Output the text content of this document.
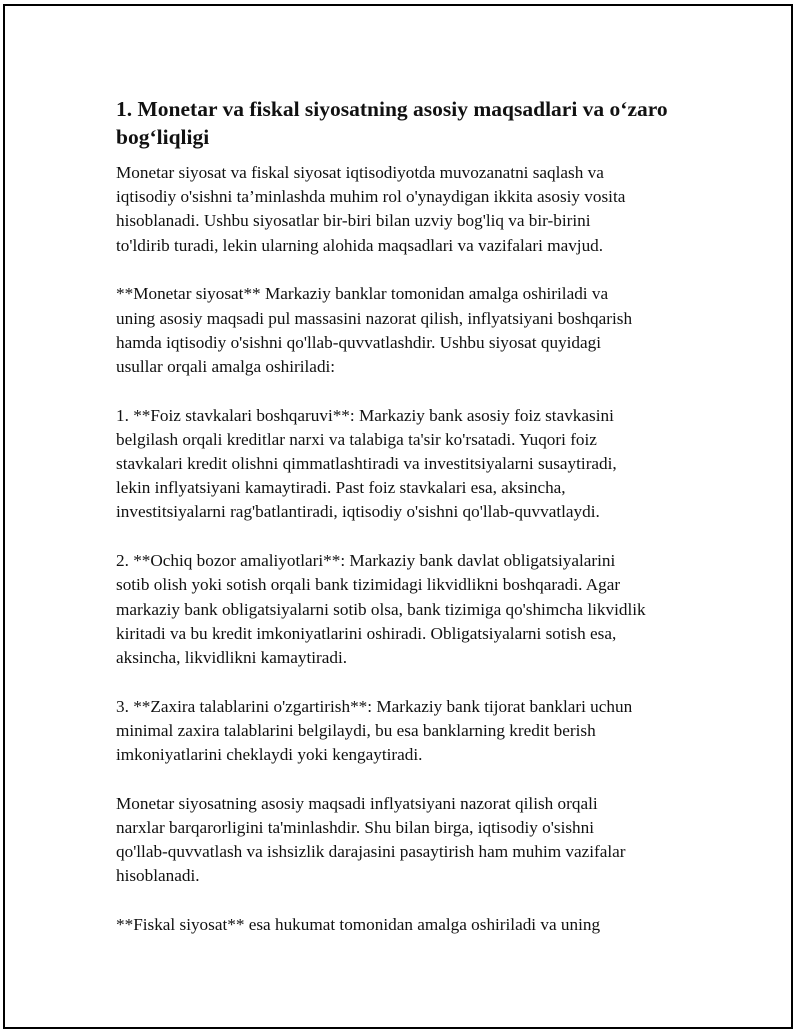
1. Monetar va fiskal siyosatning asosiy maqsadlari va o‘zaro
bog‘liqligi
Monetar siyosat va fiskal siyosat iqtisodiyotda muvozanatni saqlash va
iqtisodiy o'sishni ta’minlashda muhim rol o'ynaydigan ikkita asosiy vosita
hisoblanadi. Ushbu siyosatlar bir-biri bilan uzviy bog'liq va bir-birini
to'ldirib turadi, lekin ularning alohida maqsadlari va vazifalari mavjud.
**Monetar siyosat** Markaziy banklar tomonidan amalga oshiriladi va
uning asosiy maqsadi pul massasini nazorat qilish, inflyatsiyani boshqarish
hamda iqtisodiy o'sishni qo'llab-quvvatlashdir. Ushbu siyosat quyidagi
usullar orqali amalga oshiriladi:
1. **Foiz stavkalari boshqaruvi**: Markaziy bank asosiy foiz stavkasini
belgilash orqali kreditlar narxi va talabiga ta'sir ko'rsatadi. Yuqori foiz
stavkalari kredit olishni qimmatlashtiradi va investitsiyalarni susaytiradi,
lekin inflyatsiyani kamaytiradi. Past foiz stavkalari esa, aksincha,
investitsiyalarni rag'batlantiradi, iqtisodiy o'sishni qo'llab-quvvatlaydi.
2. **Ochiq bozor amaliyotlari**: Markaziy bank davlat obligatsiyalarini
sotib olish yoki sotish orqali bank tizimidagi likvidlikni boshqaradi. Agar
markaziy bank obligatsiyalarni sotib olsa, bank tizimiga qo'shimcha likvidlik
kiritadi va bu kredit imkoniyatlarini oshiradi. Obligatsiyalarni sotish esa,
aksincha, likvidlikni kamaytiradi.
3. **Zaxira talablarini o'zgartirish**: Markaziy bank tijorat banklari uchun
minimal zaxira talablarini belgilaydi, bu esa banklarning kredit berish
imkoniyatlarini cheklaydi yoki kengaytiradi.
Monetar siyosatning asosiy maqsadi inflyatsiyani nazorat qilish orqali
narxlar barqarorligini ta'minlashdir. Shu bilan birga, iqtisodiy o'sishni
qo'llab-quvvatlash va ishsizlik darajasini pasaytirish ham muhim vazifalar
hisoblanadi.
**Fiskal siyosat** esa hukumat tomonidan amalga oshiriladi va uning
